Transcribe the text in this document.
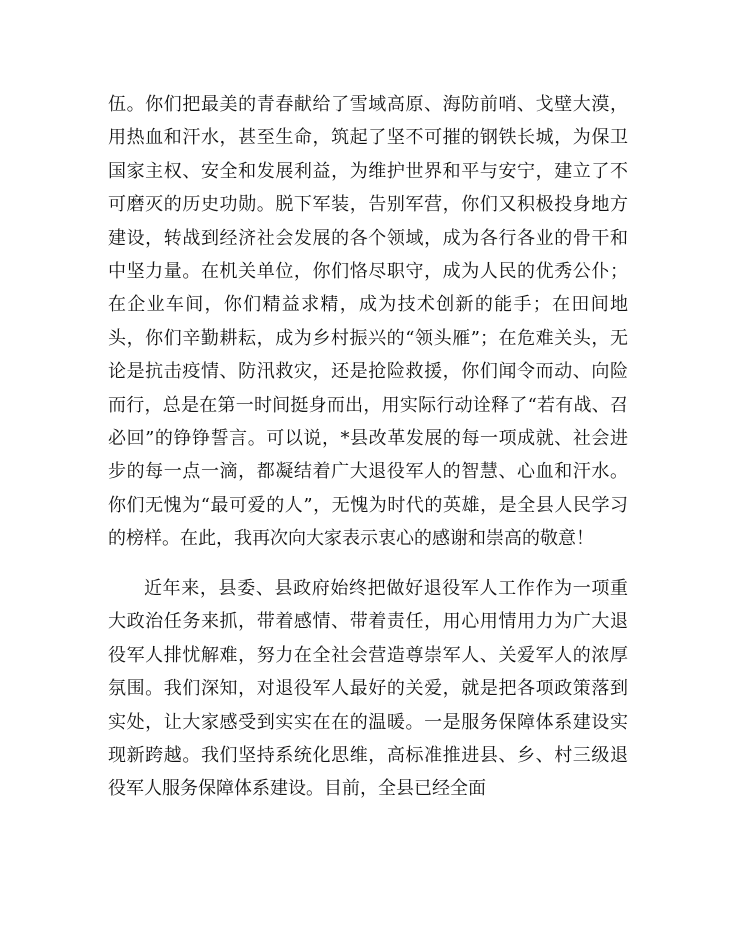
伍。你们把最美的青春献给了雪域高原、海防前哨、戈壁大漠，用热血和汗水，甚至生命，筑起了坚不可摧的钢铁长城，为保卫国家主权、安全和发展利益，为维护世界和平与安宁，建立了不可磨灭的历史功勋。脱下军装，告别军营，你们又积极投身地方建设，转战到经济社会发展的各个领域，成为各行各业的骨干和中坚力量。在机关单位，你们恪尽职守，成为人民的优秀公仆；在企业车间，你们精益求精，成为技术创新的能手；在田间地头，你们辛勤耕耘，成为乡村振兴的“领头雁”；在危难关头，无论是抗击疫情、防汛救灾，还是抢险救援，你们闻令而动、向险而行，总是在第一时间挺身而出，用实际行动诠释了“若有战、召必回”的铮铮誓言。可以说，*县改革发展的每一项成就、社会进步的每一点一滴，都凝结着广大退役军人的智慧、心血和汗水。你们无愧为“最可爱的人”，无愧为时代的英雄，是全县人民学习的榜样。在此，我再次向大家表示衷心的感谢和崇高的敬意！

近年来，县委、县政府始终把做好退役军人工作作为一项重大政治任务来抓，带着感情、带着责任，用心用情用力为广大退役军人排忧解难，努力在全社会营造尊崇军人、关爱军人的浓厚氛围。我们深知，对退役军人最好的关爱，就是把各项政策落到实处，让大家感受到实实在在的温暖。一是服务保障体系建设实现新跨越。我们坚持系统化思维，高标准推进县、乡、村三级退役军人服务保障体系建设。目前，全县已经全面
